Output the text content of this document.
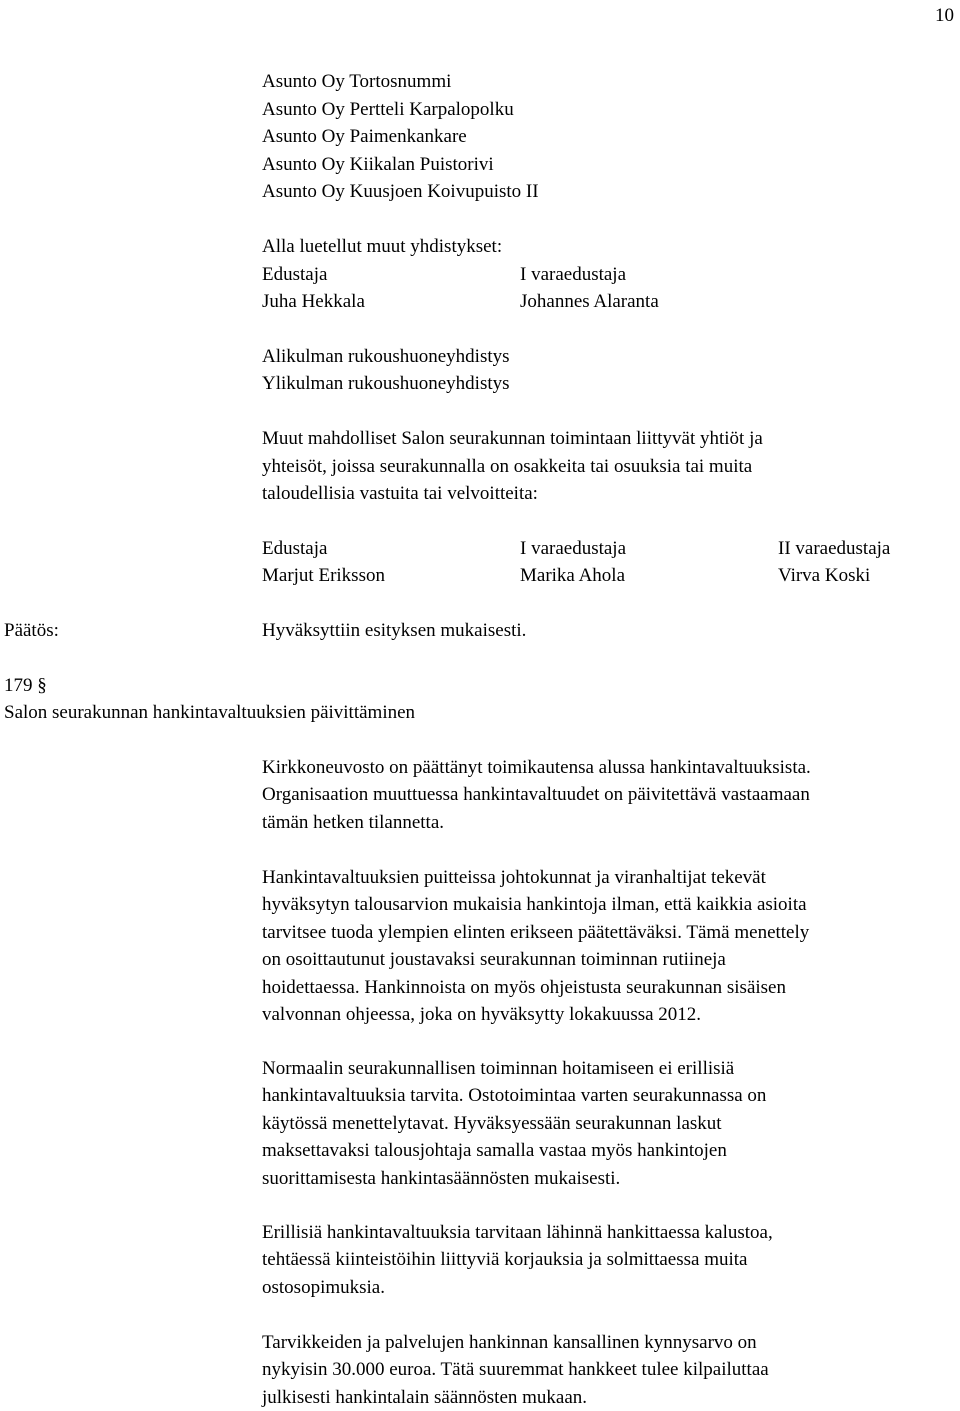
10
Asunto Oy Tortosnummi
Asunto Oy Pertteli Karpalopolku
Asunto Oy Paimenkankare
Asunto Oy Kiikalan Puistorivi
Asunto Oy Kuusjoen Koivupuisto II
Alla luetellut muut yhdistykset:
Edustaja	I varaedustaja
Juha Hekkala	Johannes Alaranta
Alikulman rukoushuoneyhdistys
Ylikulman rukoushuoneyhdistys
Muut mahdolliset Salon seurakunnan toimintaan liittyvät yhtiöt ja
yhteisöt, joissa seurakunnalla on osakkeita tai osuuksia tai muita
taloudellisia vastuita tai velvoitteita:
Edustaja	I varaedustaja	II varaedustaja
Marjut Eriksson	Marika Ahola	Virva Koski
Päätös:	Hyväksyttiin esityksen mukaisesti.
179 §
Salon seurakunnan hankintavaltuuksien päivittäminen
Kirkkoneuvosto on päättänyt toimikautensa alussa hankintavaltuuksista.
Organisaation muuttuessa hankintavaltuudet on päivitettävä vastaamaan
tämän hetken tilannetta.
Hankintavaltuuksien puitteissa johtokunnat ja viranhaltijat tekevät
hyväksytyn talousarvion mukaisia hankintoja ilman, että kaikkia asioita
tarvitsee tuoda ylempien elinten erikseen päätettäväksi. Tämä menettely
on osoittautunut joustavaksi seurakunnan toiminnan rutiineja
hoidettaessa. Hankinnoista on myös ohjeistusta seurakunnan sisäisen
valvonnan ohjeessa, joka on hyväksytty lokakuussa 2012.
Normaalin seurakunnallisen toiminnan hoitamiseen ei erillisiä
hankintavaltuuksia tarvita. Ostotoimintaa varten seurakunnassa on
käytössä menettelytavat. Hyväksyessään seurakunnan laskut
maksettavaksi talousjohtaja samalla vastaa myös hankintojen
suorittamisesta hankintasäännösten mukaisesti.
Erillisiä hankintavaltuuksia tarvitaan lähinnä hankittaessa kalustoa,
tehtäessä kiinteistöihin liittyviä korjauksia ja solmittaessa muita
ostosopimuksia.
Tarvikkeiden ja palvelujen hankinnan kansallinen kynnysarvo on
nykyisin 30.000 euroa. Tätä suuremmat hankkeet tulee kilpailuttaa
julkisesti hankintalain säännösten mukaan.
